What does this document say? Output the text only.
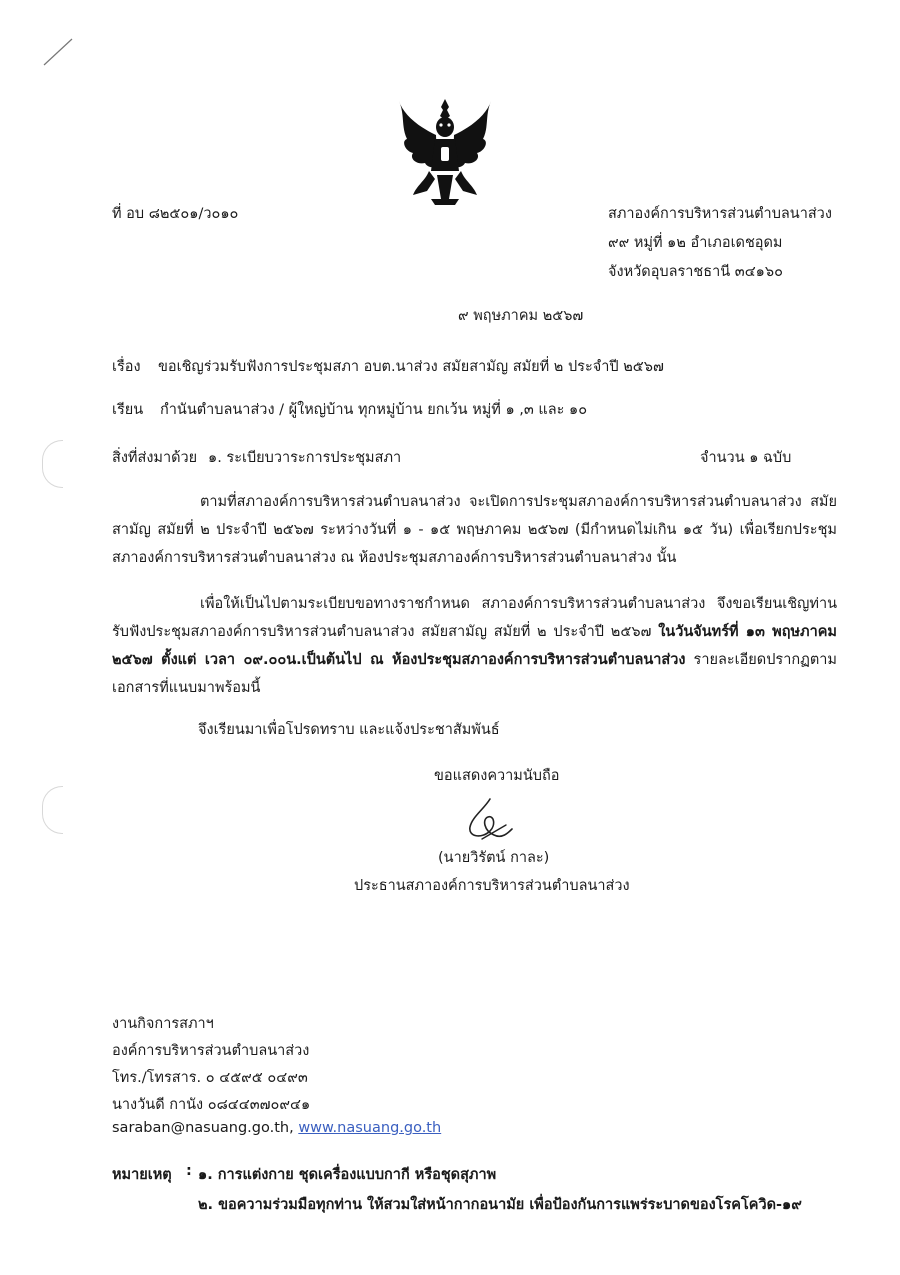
ที่ อบ ๘๒๕๐๑/ว๐๑๐	สภาองค์การบริหารส่วนตำบลนาส่วง
๙๙ หมู่ที่ ๑๒ อำเภอเดชอุดม
จังหวัดอุบลราชธานี ๓๔๑๖๐
๙ พฤษภาคม ๒๕๖๗
เรื่อง ขอเชิญร่วมรับฟังการประชุมสภา อบต.นาส่วง สมัยสามัญ สมัยที่ ๒ ประจำปี ๒๕๖๗
เรียน กำนันตำบลนาส่วง / ผู้ใหญ่บ้าน ทุกหมู่บ้าน ยกเว้น หมู่ที่ ๑ ,๓ และ ๑๐
สิ่งที่ส่งมาด้วย ๑. ระเบียบวาระการประชุมสภา	จำนวน ๑ ฉบับ
ตามที่สภาองค์การบริหารส่วนตำบลนาส่วง จะเปิดการประชุมสภาองค์การบริหารส่วนตำบลนาส่วง สมัยสามัญ สมัยที่ ๒ ประจำปี ๒๕๖๗ ระหว่างวันที่ ๑ - ๑๕ พฤษภาคม ๒๕๖๗ (มีกำหนดไม่เกิน ๑๕ วัน) เพื่อเรียกประชุมสภาองค์การบริหารส่วนตำบลนาส่วง ณ ห้องประชุมสภาองค์การบริหารส่วนตำบลนาส่วง นั้น
เพื่อให้เป็นไปตามระเบียบขอทางราชกำหนด สภาองค์การบริหารส่วนตำบลนาส่วง จึงขอเรียนเชิญท่านรับฟังประชุมสภาองค์การบริหารส่วนตำบลนาส่วง สมัยสามัญ สมัยที่ ๒ ประจำปี ๒๕๖๗ ในวันจันทร์ที่ ๑๓ พฤษภาคม ๒๕๖๗ ตั้งแต่ เวลา ๐๙.๐๐น.เป็นต้นไป ณ ห้องประชุมสภาองค์การบริหารส่วนตำบลนาส่วง รายละเอียดปรากฏตามเอกสารที่แนบมาพร้อมนี้
จึงเรียนมาเพื่อโปรดทราบ และแจ้งประชาสัมพันธ์
ขอแสดงความนับถือ
(นายวิรัตน์ กาละ)
ประธานสภาองค์การบริหารส่วนตำบลนาส่วง
งานกิจการสภาฯ
องค์การบริหารส่วนตำบลนาส่วง
โทร./โทรสาร. ๐ ๔๕๙๕ ๐๔๙๓
นางวันดี กานัง ๐๘๔๔๓๗๐๙๔๑
saraban@nasuang.go.th, www.nasuang.go.th
หมายเหตุ : ๑. การแต่งกาย ชุดเครื่องแบบกากี หรือชุดสุภาพ
๒. ขอความร่วมมือทุกท่าน ให้สวมใส่หน้ากากอนามัย เพื่อป้องกันการแพร่ระบาดของโรคโควิด-๑๙
